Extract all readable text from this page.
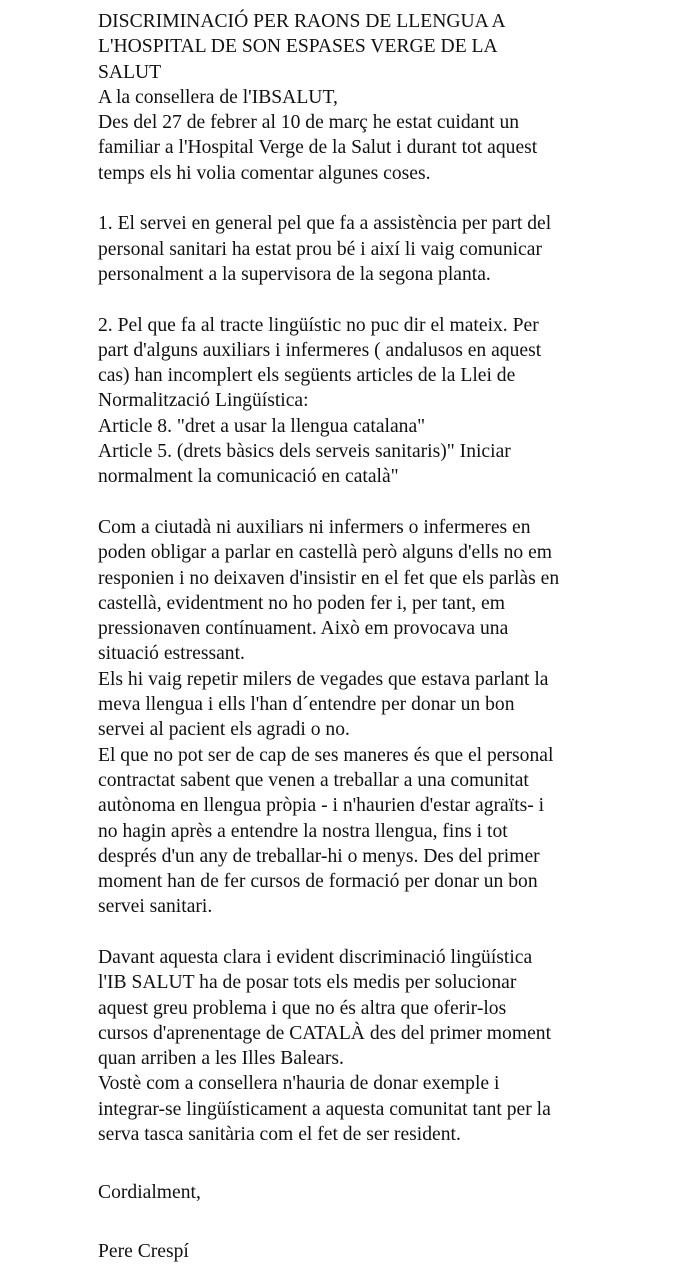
DISCRIMINACIÓ PER RAONS DE LLENGUA A
L'HOSPITAL DE SON ESPASES VERGE DE LA
SALUT
A la consellera de l'IBSALUT,
Des del 27 de febrer al 10 de març he estat cuidant un
familiar a l'Hospital Verge de la Salut i durant tot aquest
temps els hi volia comentar algunes coses.
1. El servei en general pel que fa a assistència per part del
personal sanitari ha estat prou bé i així li vaig comunicar
personalment a la supervisora de la segona planta.
2. Pel que fa al tracte lingüístic no puc dir el mateix. Per
part d'alguns auxiliars i infermeres ( andalusos en aquest
cas) han incomplert els següents articles de la Llei de
Normalització Lingüística:
Article 8. "dret a usar la llengua catalana"
Article 5. (drets bàsics dels serveis sanitaris)" Iniciar
normalment la comunicació en català"
Com a ciutadà ni auxiliars ni infermers o infermeres en
poden obligar a parlar en castellà però alguns d'ells no em
responien i no deixaven d'insistir en el fet que els parlàs en
castellà, evidentment no ho poden fer i, per tant, em
pressionaven contínuament. Això em provocava una
situació estressant.
Els hi vaig repetir milers de vegades que estava parlant la
meva llengua i ells l'han d´entendre per donar un bon
servei al pacient els agradi o no.
El que no pot ser de cap de ses maneres és que el personal
contractat sabent que venen a treballar a una comunitat
autònoma en llengua pròpia - i n'haurien d'estar agraïts- i
no hagin après a entendre la nostra llengua, fins i tot
després d'un any de treballar-hi o menys. Des del primer
moment han de fer cursos de formació per donar un bon
servei sanitari.
Davant aquesta clara i evident discriminació lingüística
l'IB SALUT ha de posar tots els medis per solucionar
aquest greu problema i que no és altra que oferir-los
cursos d'aprenentage de CATALÀ des del primer moment
quan arriben a les Illes Balears.
Vostè com a consellera n'hauria de donar exemple i
integrar-se lingüísticament a aquesta comunitat tant per la
serva tasca sanitària com el fet de ser resident.
Cordialment,
Pere Crespí
